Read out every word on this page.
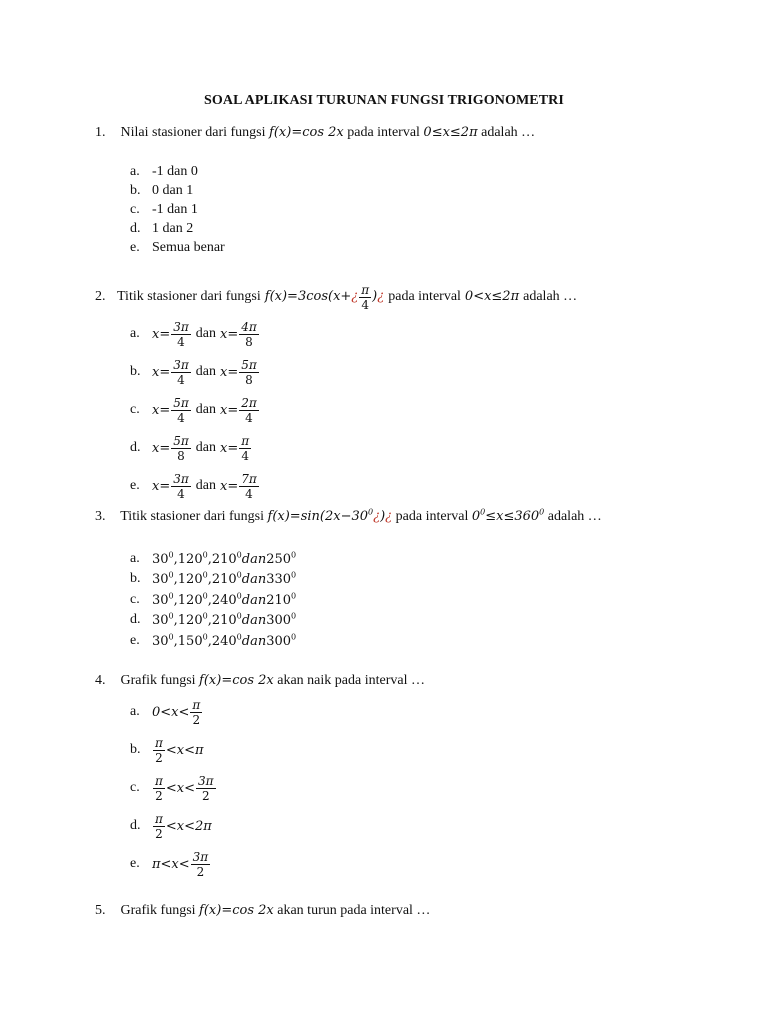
SOAL APLIKASI TURUNAN FUNGSI TRIGONOMETRI
1. Nilai stasioner dari fungsi f(x)=cos 2x pada interval 0≤x≤2π adalah …
a. -1 dan 0
b. 0 dan 1
c. -1 dan 1
d. 1 dan 2
e. Semua benar
2. Titik stasioner dari fungsi f(x)=3cos(x+ ¿ $\frac{\pi}{4}$ ) ¿ pada interval 0<x≤2π adalah …
a. $x= \frac{3\pi}{4}$ dan $x= \frac{4\pi}{8}$
b. $x= \frac{3\pi}{4}$ dan $x= \frac{5\pi}{8}$
c. $x= \frac{5\pi}{4}$ dan $x= \frac{2\pi}{4}$
d. $x= \frac{5\pi}{8}$ dan $x= \frac{\pi}{4}$
e. $x= \frac{3\pi}{4}$ dan $x= \frac{7\pi}{4}$
3. Titik stasioner dari fungsi $f(x)=\sin(2x-30^0¿)¿$ pada interval $0^0\le x\le 360^0$ adalah …
a. $30^0,120^0,210^0dan250^0$
b. $30^0,120^0,210^0dan330^0$
c. $30^0,120^0,240^0dan210^0$
d. $30^0,120^0,210^0dan300^0$
e. $30^0,150^0,240^0dan300^0$
4. Grafik fungsi f(x)=cos 2x akan naik pada interval …
a. $0<x< \frac{\pi}{2}$
b.	$\frac{\pi}{2} <x<\pi$
c.	$\frac{\pi}{2} <x< \frac{3\pi}{2}$
d.	$\frac{\pi}{2} <x<2\pi$
e. $\pi<x< \frac{3\pi}{2}$
5. Grafik fungsi f(x)=cos 2x akan turun pada interval …
